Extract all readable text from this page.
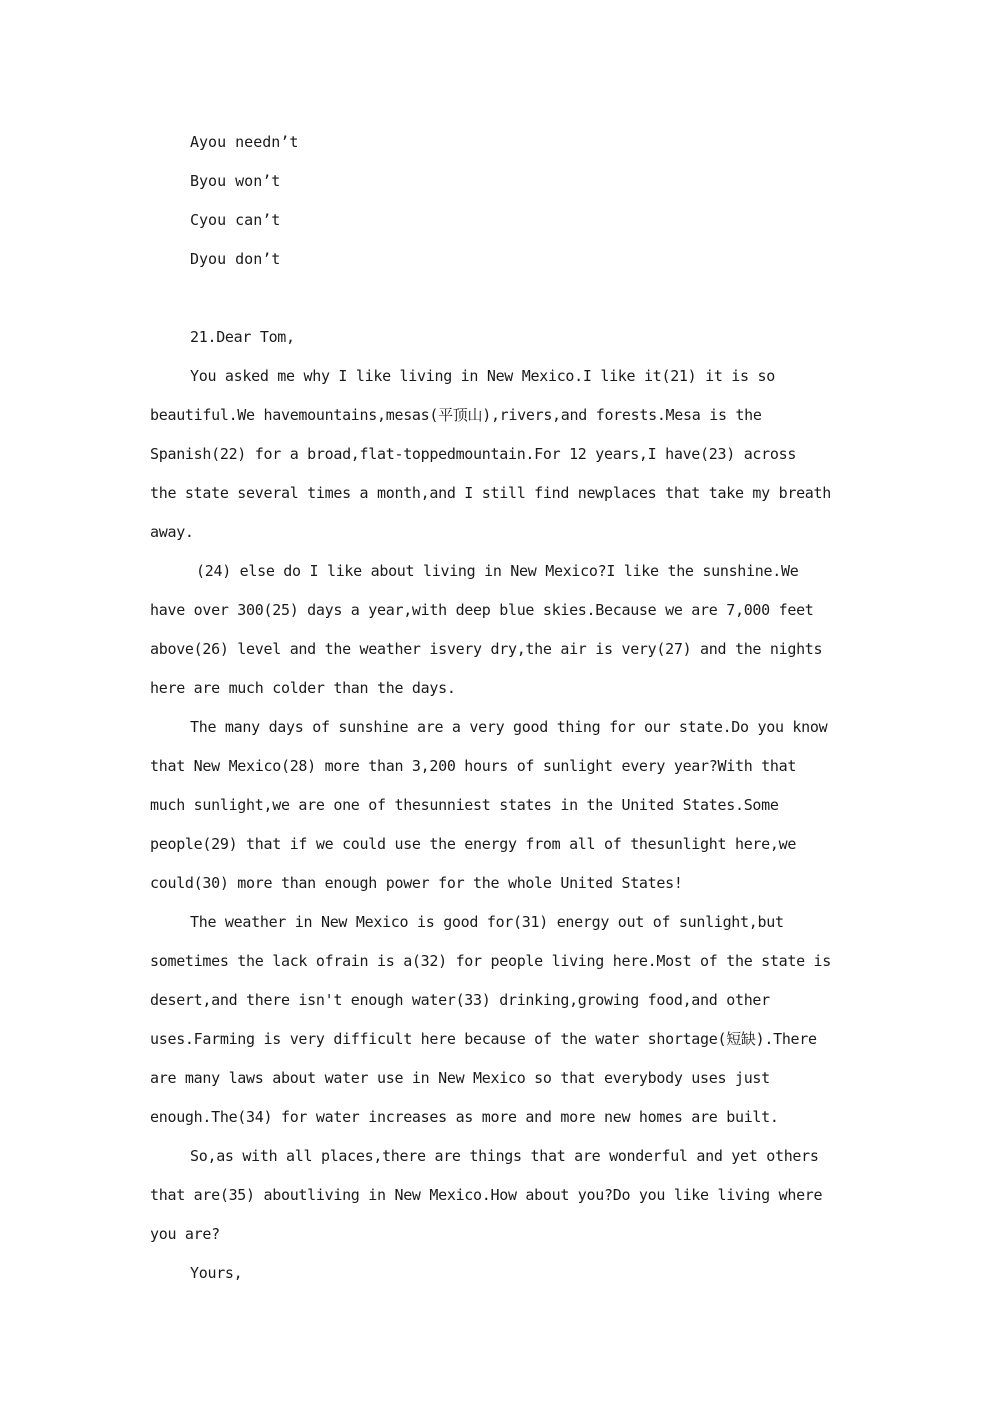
Ayou needn’t
Byou won’t
Cyou can’t
Dyou don’t
21.Dear Tom,
You asked me why I like living in New Mexico.I like it(21) it is so
beautiful.We havemountains,mesas(平顶山),rivers,and forests.Mesa is the
Spanish(22) for a broad,flat-toppedmountain.For 12 years,I have(23) across
the state several times a month,and I still find newplaces that take my breath
away.
(24) else do I like about living in New Mexico?I like the sunshine.We
have over 300(25) days a year,with deep blue skies.Because we are 7,000 feet
above(26) level and the weather isvery dry,the air is very(27) and the nights
here are much colder than the days.
The many days of sunshine are a very good thing for our state.Do you know
that New Mexico(28) more than 3,200 hours of sunlight every year?With that
much sunlight,we are one of thesunniest states in the United States.Some
people(29) that if we could use the energy from all of thesunlight here,we
could(30) more than enough power for the whole United States!
The weather in New Mexico is good for(31) energy out of sunlight,but
sometimes the lack ofrain is a(32) for people living here.Most of the state is
desert,and there isn't enough water(33) drinking,growing food,and other
uses.Farming is very difficult here because of the water shortage(短缺).There
are many laws about water use in New Mexico so that everybody uses just
enough.The(34) for water increases as more and more new homes are built.
So,as with all places,there are things that are wonderful and yet others
that are(35) aboutliving in New Mexico.How about you?Do you like living where
you are?
Yours,
